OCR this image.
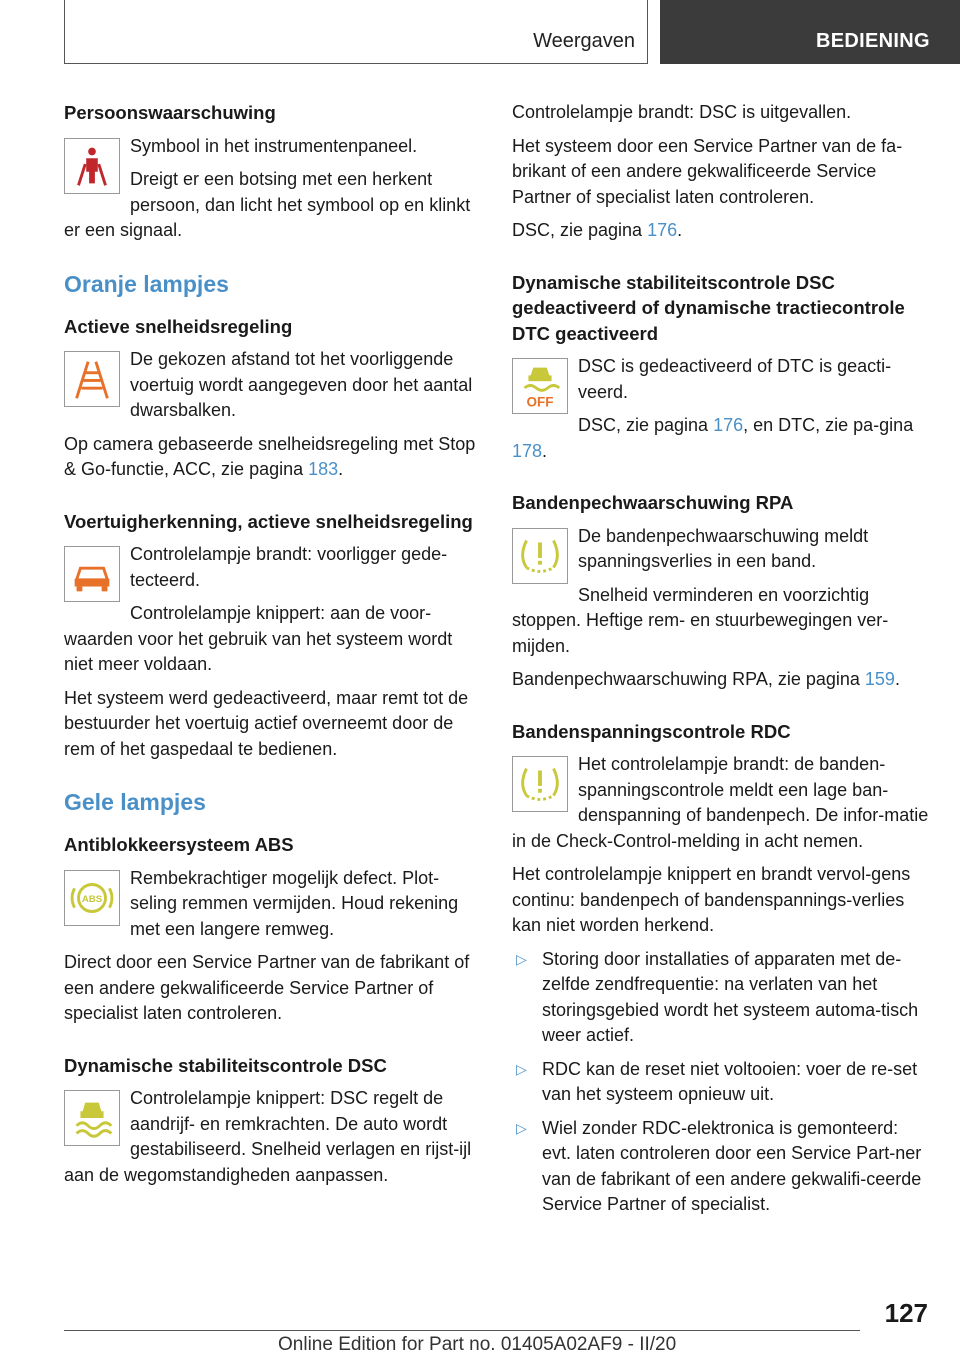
Weergaven	BEDIENING
Persoonswaarschuwing

Symbool in het instrumentenpaneel.

Dreigt er een botsing met een herkent persoon, dan licht het symbool op en klinkt er een signaal.

Oranje lampjes
Actieve snelheidsregeling

De gekozen afstand tot het voorliggende voertuig wordt aangegeven door het aantal dwarsbalken.

Op camera gebaseerde snelheidsregeling met Stop & Go-functie, ACC, zie pagina 183.

Voertuigherkenning, actieve snelheidsregeling

Controlelampje brandt: voorligger gede‐tecteerd.

Controlelampje knippert: aan de voor‐waarden voor het gebruik van het systeem wordt niet meer voldaan.

Het systeem werd gedeactiveerd, maar remt tot de bestuurder het voertuig actief overneemt door de rem of het gaspedaal te bedienen.

Gele lampjes
Antiblokkeersysteem ABS
ABS

Rembekrachtiger mogelijk defect. Plot‐seling remmen vermijden. Houd rekening met een langere remweg.

Direct door een Service Partner van de fabrikant of een andere gekwalificeerde Service Partner of specialist laten controleren.

Dynamische stabiliteitscontrole DSC

Controlelampje knippert: DSC regelt de aandrijf- en remkrachten. De auto wordt gestabiliseerd. Snelheid verlagen en rijst‐ijl aan de wegomstandigheden aanpassen.

Controlelampje brandt: DSC is uitgevallen.

Het systeem door een Service Partner van de fa‐brikant of een andere gekwalificeerde Service Partner of specialist laten controleren.

DSC, zie pagina 176.

Dynamische stabiliteitscontrole DSC gedeactiveerd of dynamische tractiecontrole DTC geactiveerd
OFF

DSC is gedeactiveerd of DTC is geacti‐veerd.

DSC, zie pagina 176, en DTC, zie pa‐gina 178.

Bandenpechwaarschuwing RPA

De bandenpechwaarschuwing meldt spanningsverlies in een band.

Snelheid verminderen en voorzichtig stoppen. Heftige rem- en stuurbewegingen ver‐mijden.

Bandenpechwaarschuwing RPA, zie pagina 159.

Bandenspanningscontrole RDC

Het controlelampje brandt: de banden‐spanningscontrole meldt een lage ban‐denspanning of bandenpech. De infor‐matie in de Check-Control-melding in acht nemen.

Het controlelampje knippert en brandt vervol‐gens continu: bandenpech of bandenspannings‐verlies kan niet worden herkend.

▷ Storing door installaties of apparaten met de‐zelfde zendfrequentie: na verlaten van het storingsgebied wordt het systeem automa‐tisch weer actief.
▷ RDC kan de reset niet voltooien: voer de re‐set van het systeem opnieuw uit.
▷ Wiel zonder RDC-elektronica is gemonteerd: evt. laten controleren door een Service Part‐ner van de fabrikant of een andere gekwalifi‐ceerde Service Partner of specialist.
127
Online Edition for Part no. 01405A02AF9 - II/20
